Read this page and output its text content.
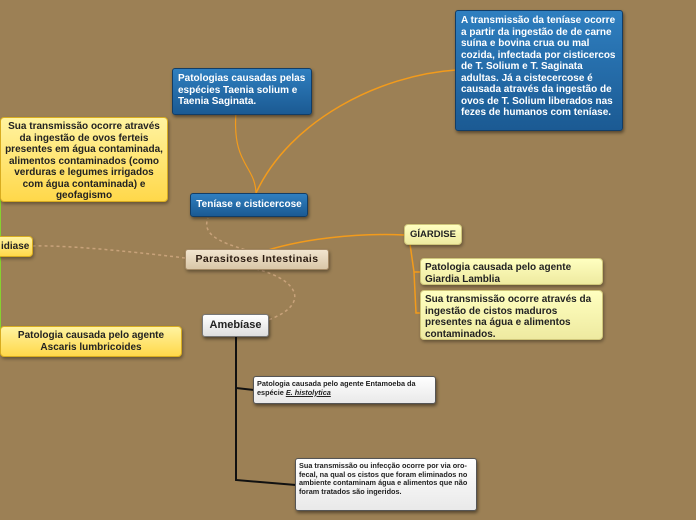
Parasitoses Intestinais
Teníase e cisticercose
Patologias causadas pelas espécies Taenia solium e Taenia Saginata.
A transmissão da teníase ocorre a partir da ingestão de de carne suína e bovina crua ou mal cozida, infectada por cisticercos de T. Solium e T. Saginata adultas. Já a cistecercose é causada através da ingestão de ovos de T. Solium liberados nas fezes de humanos com teníase.
GÍARDISE
Patologia causada pelo agente Giardia Lamblia
Sua transmissão ocorre através da ingestão de cistos maduros presentes na água e alimentos contaminados.
Amebíase
Patologia causada pelo agente Entamoeba da espécie E. histolytica
Sua transmissão ou infecção ocorre por via oro-fecal, na qual os cistos que foram eliminados no ambiente contaminam água e alimentos que não foram tratados são ingeridos.
idiase
Sua transmissão ocorre através da ingestão de ovos ferteis presentes em água contaminada, alimentos contaminados (como verduras e legumes irrigados com água contaminada) e geofagismo
Patologia causada pelo agente Ascaris lumbricoides
